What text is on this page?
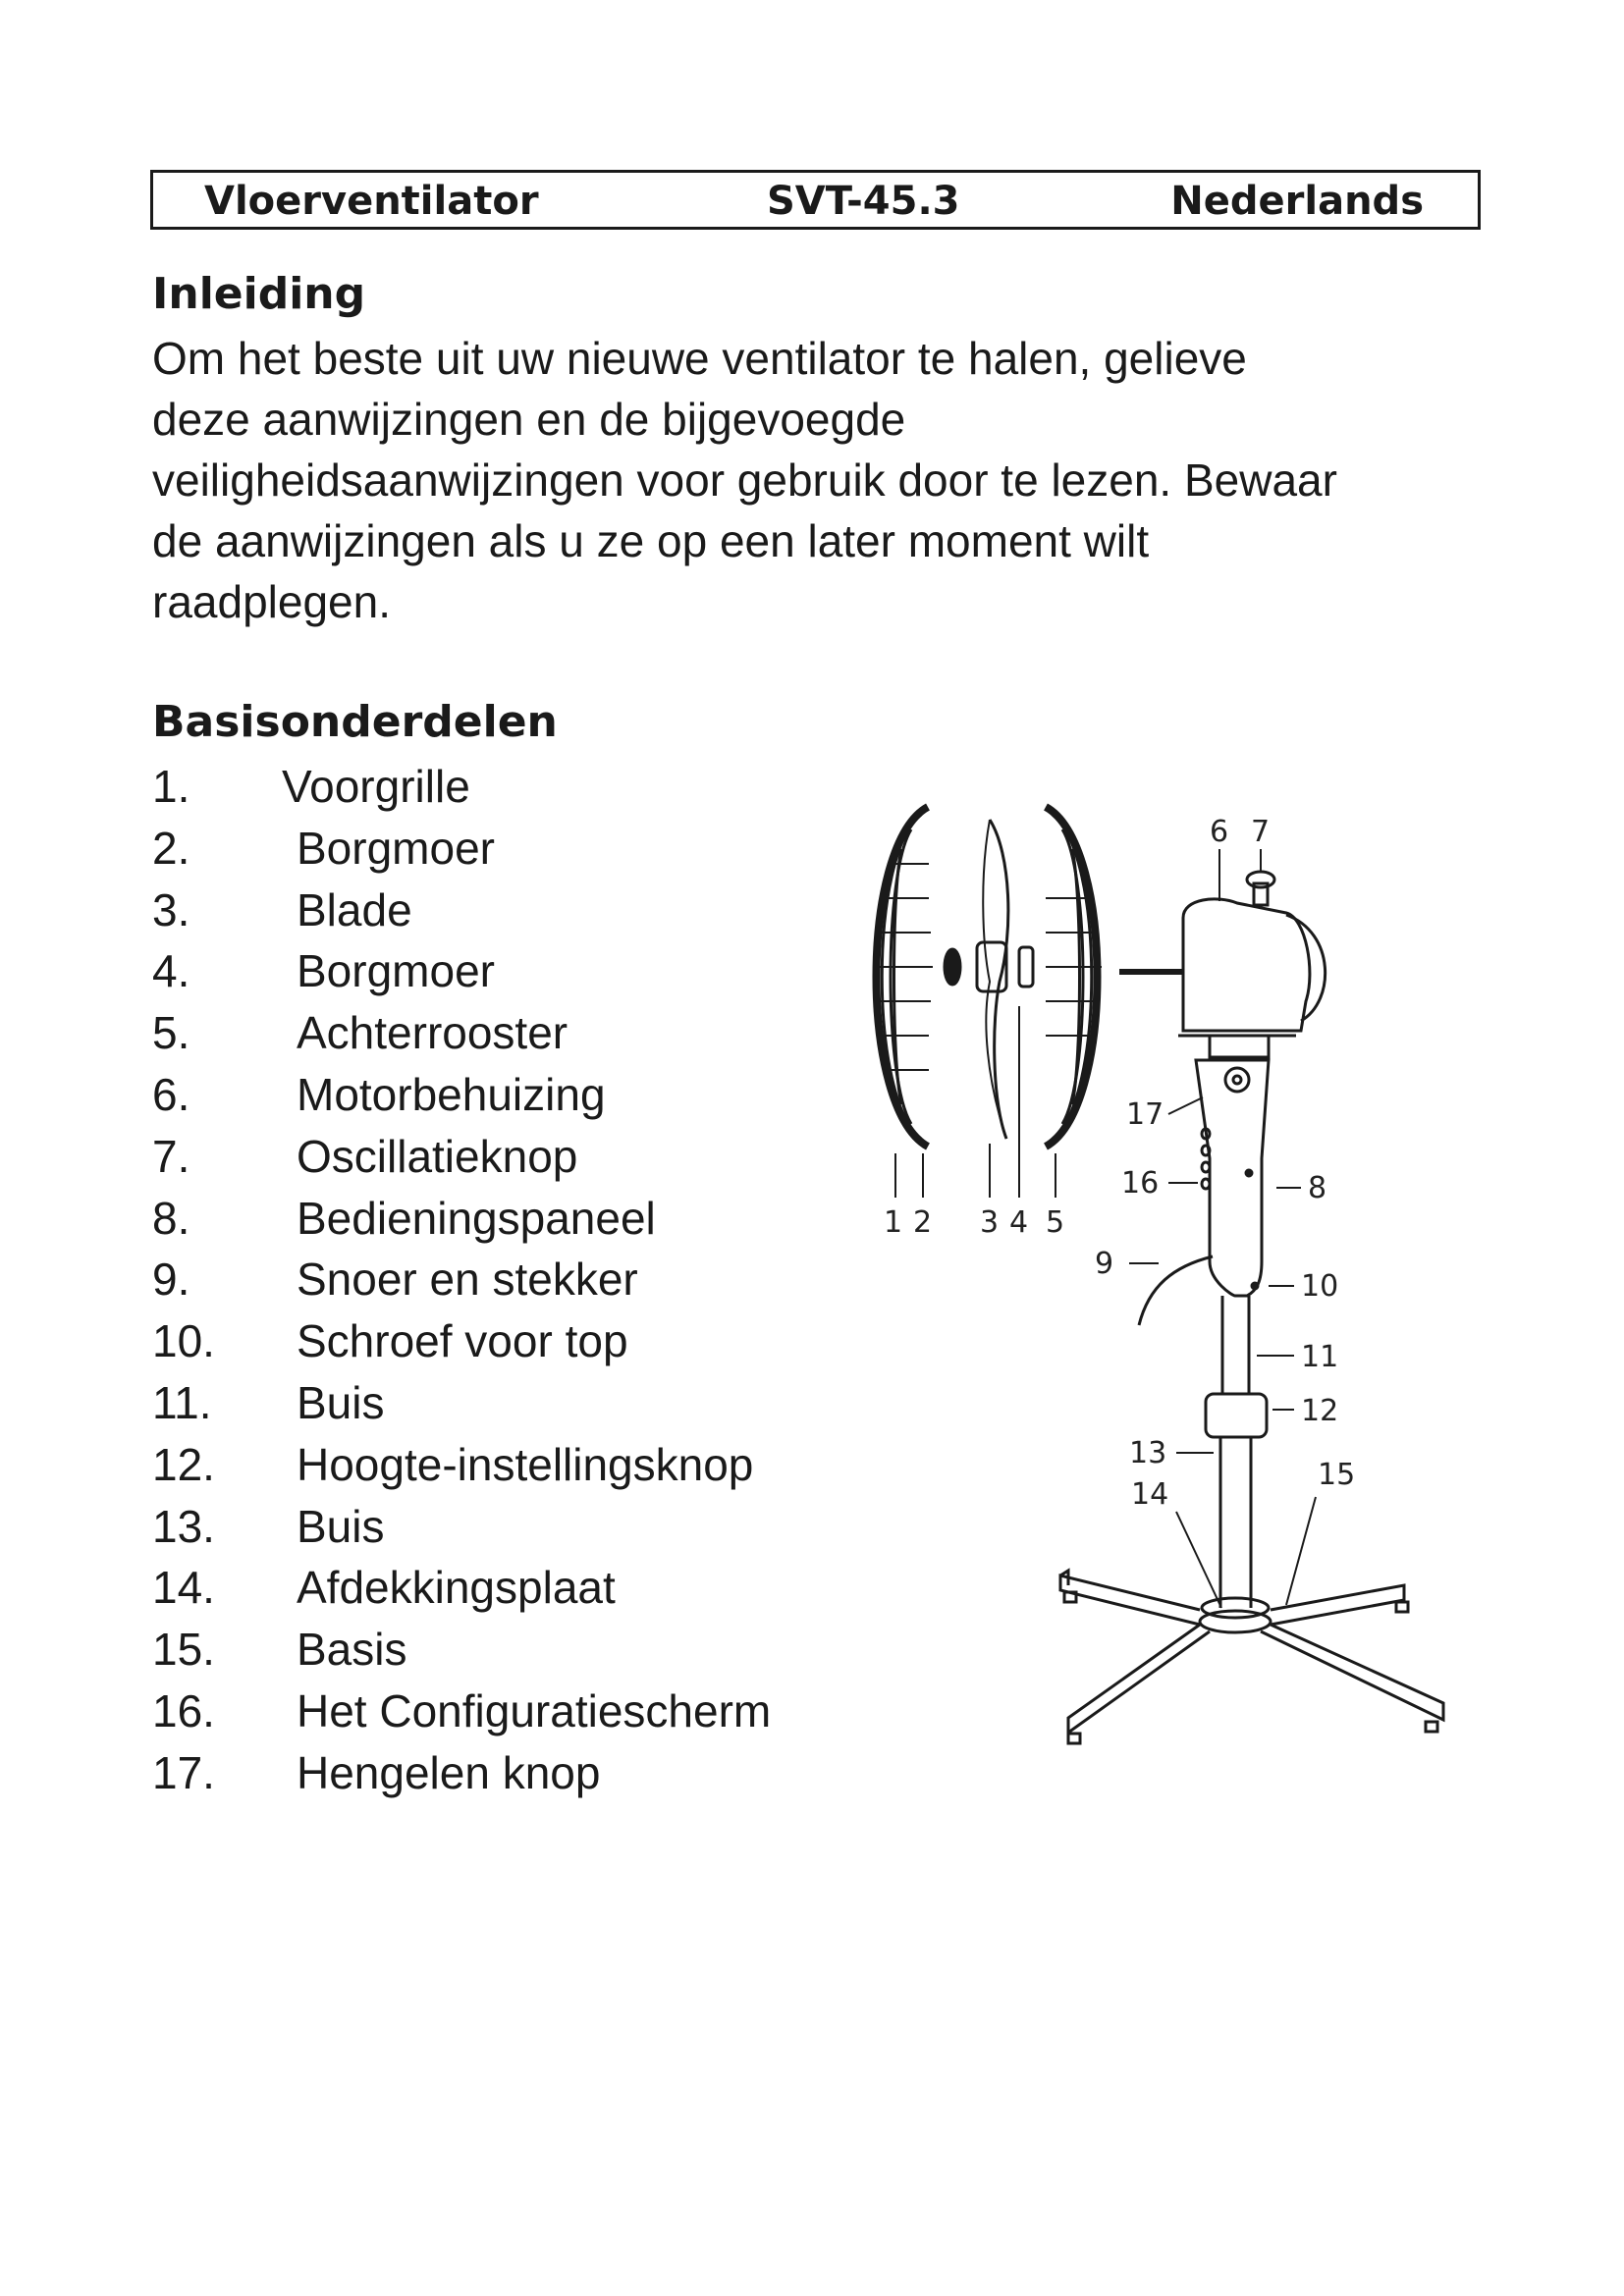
Vloerventilator	SVT-45.3	Nederlands
Inleiding
Om het beste uit uw nieuwe ventilator te halen, gelieve
deze aanwijzingen en de bijgevoegde
veiligheidsaanwijzingen voor gebruik door te lezen. Bewaar
de aanwijzingen als u ze op een later moment wilt
raadplegen.
Basisonderdelen
1. Voorgrille
2. Borgmoer
3. Blade
4. Borgmoer
5. Achterrooster
6. Motorbehuizing
7. Oscillatieknop
8. Bedieningspaneel
9. Snoer en stekker
10. Schroef voor top
11. Buis
12. Hoogte-instellingsknop
13. Buis
14. Afdekkingsplaat
15. Basis
16. Het Configuratiescherm
17. Hengelen knop
1 2 3 4 5
6 7
8
9
10
11
12
13
14
15
16
17
